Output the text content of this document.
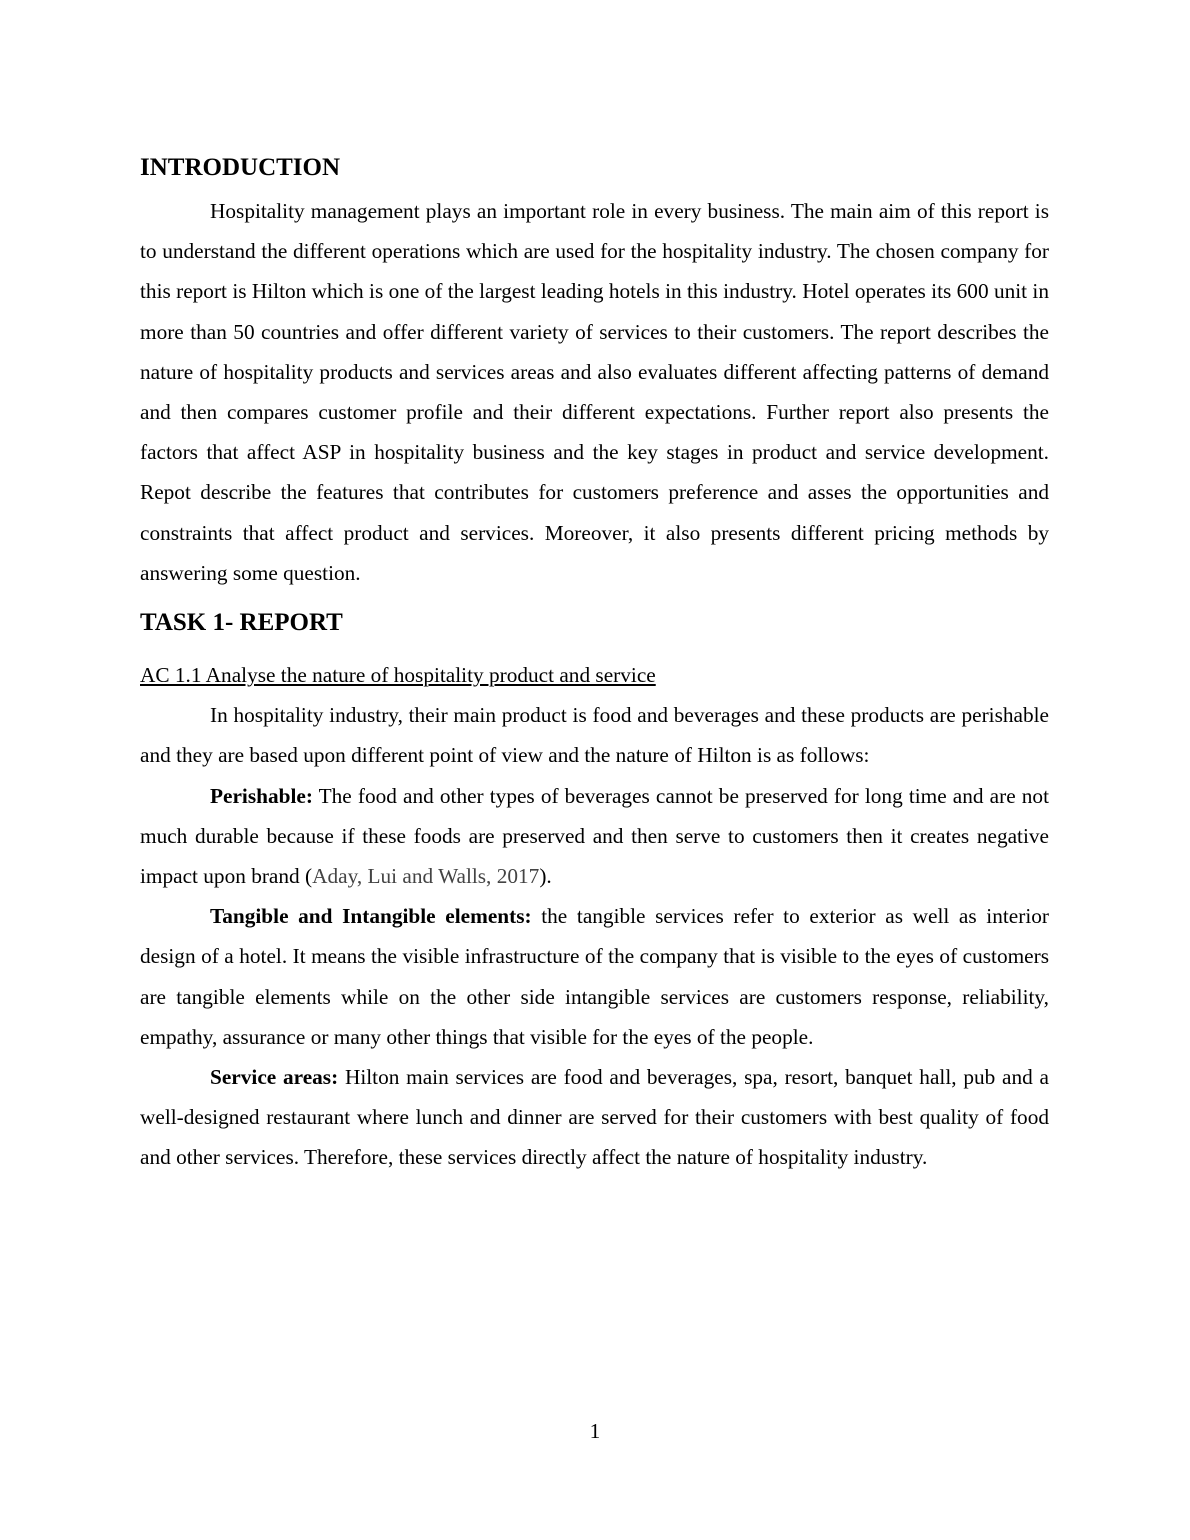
INTRODUCTION

Hospitality management plays an important role in every business. The main aim of this report is to understand the different operations which are used for the hospitality industry. The chosen company for this report is Hilton which is one of the largest leading hotels in this industry. Hotel operates its 600 unit in more than 50 countries and offer different variety of services to their customers. The report describes the nature of hospitality products and services areas and also evaluates different affecting patterns of demand and then compares customer profile and their different expectations. Further report also presents the factors that affect ASP in hospitality business and the key stages in product and service development. Repot describe the features that contributes for customers preference and asses the opportunities and constraints that affect product and services. Moreover, it also presents different pricing methods by answering some question.

TASK 1- REPORT
AC 1.1 Analyse the nature of hospitality product and service

In hospitality industry, their main product is food and beverages and these products are perishable and they are based upon different point of view and the nature of Hilton is as follows:

Perishable: The food and other types of beverages cannot be preserved for long time and are not much durable because if these foods are preserved and then serve to customers then it creates negative impact upon brand (Aday, Lui and Walls, 2017).

Tangible and Intangible elements: the tangible services refer to exterior as well as interior design of a hotel. It means the visible infrastructure of the company that is visible to the eyes of customers are tangible elements while on the other side intangible services are customers response, reliability, empathy, assurance or many other things that visible for the eyes of the people.

Service areas: Hilton main services are food and beverages, spa, resort, banquet hall, pub and a well-designed restaurant where lunch and dinner are served for their customers with best quality of food and other services. Therefore, these services directly affect the nature of hospitality industry.

1
